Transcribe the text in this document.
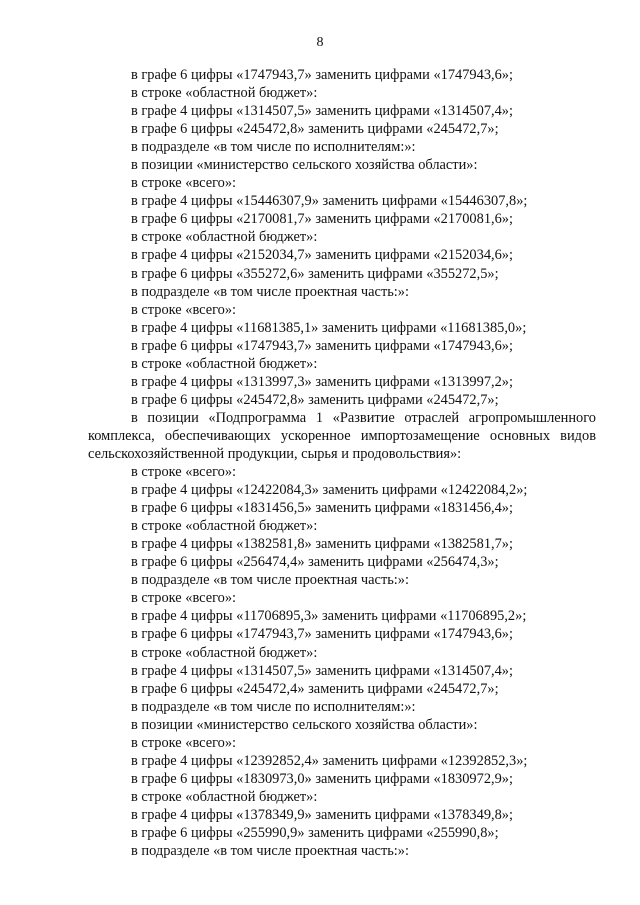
8

в графе 6 цифры «1747943,7» заменить цифрами «1747943,6»;

в строке «областной бюджет»:

в графе 4 цифры «1314507,5» заменить цифрами «1314507,4»;

в графе 6 цифры «245472,8» заменить цифрами «245472,7»;

в подразделе «в том числе по исполнителям:»:

в позиции «министерство сельского хозяйства области»:

в строке «всего»:

в графе 4 цифры «15446307,9» заменить цифрами «15446307,8»;

в графе 6 цифры «2170081,7» заменить цифрами «2170081,6»;

в строке «областной бюджет»:

в графе 4 цифры «2152034,7» заменить цифрами «2152034,6»;

в графе 6 цифры «355272,6» заменить цифрами «355272,5»;

в подразделе «в том числе проектная часть:»:

в строке «всего»:

в графе 4 цифры «11681385,1» заменить цифрами «11681385,0»;

в графе 6 цифры «1747943,7» заменить цифрами «1747943,6»;

в строке «областной бюджет»:

в графе 4 цифры «1313997,3» заменить цифрами «1313997,2»;

в графе 6 цифры «245472,8» заменить цифрами «245472,7»;

в позиции «Подпрограмма 1 «Развитие отраслей агропромышленного комплекса, обеспечивающих ускоренное импортозамещение основных видов сельскохозяйственной продукции, сырья и продовольствия»:

в строке «всего»:

в графе 4 цифры «12422084,3» заменить цифрами «12422084,2»;

в графе 6 цифры «1831456,5» заменить цифрами «1831456,4»;

в строке «областной бюджет»:

в графе 4 цифры «1382581,8» заменить цифрами «1382581,7»;

в графе 6 цифры «256474,4» заменить цифрами «256474,3»;

в подразделе «в том числе проектная часть:»:

в строке «всего»:

в графе 4 цифры «11706895,3» заменить цифрами «11706895,2»;

в графе 6 цифры «1747943,7» заменить цифрами «1747943,6»;

в строке «областной бюджет»:

в графе 4 цифры «1314507,5» заменить цифрами «1314507,4»;

в графе 6 цифры «245472,4» заменить цифрами «245472,7»;

в подразделе «в том числе по исполнителям:»:

в позиции «министерство сельского хозяйства области»:

в строке «всего»:

в графе 4 цифры «12392852,4» заменить цифрами «12392852,3»;

в графе 6 цифры «1830973,0» заменить цифрами «1830972,9»;

в строке «областной бюджет»:

в графе 4 цифры «1378349,9» заменить цифрами «1378349,8»;

в графе 6 цифры «255990,9» заменить цифрами «255990,8»;

в подразделе «в том числе проектная часть:»:
